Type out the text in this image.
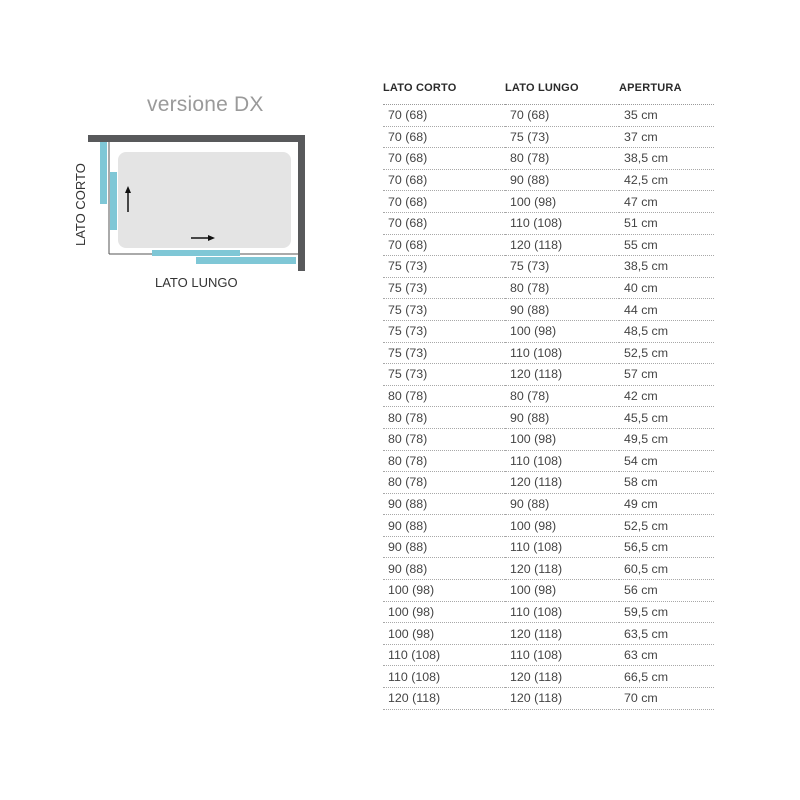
versione DX
LATO CORTO
LATO LUNGO
LATO CORTO	LATO LUNGO	APERTURA
70 (68)	70 (68)	35 cm
70 (68)	75 (73)	37 cm
70 (68)	80 (78)	38,5 cm
70 (68)	90 (88)	42,5 cm
70 (68)	100 (98)	47 cm
70 (68)	110 (108)	51 cm
70 (68)	120 (118)	55 cm
75 (73)	75 (73)	38,5 cm
75 (73)	80 (78)	40 cm
75 (73)	90 (88)	44 cm
75 (73)	100 (98)	48,5 cm
75 (73)	110 (108)	52,5 cm
75 (73)	120 (118)	57 cm
80 (78)	80 (78)	42 cm
80 (78)	90 (88)	45,5 cm
80 (78)	100 (98)	49,5 cm
80 (78)	110 (108)	54 cm
80 (78)	120 (118)	58 cm
90 (88)	90 (88)	49 cm
90 (88)	100 (98)	52,5 cm
90 (88)	110 (108)	56,5 cm
90 (88)	120 (118)	60,5 cm
100 (98)	100 (98)	56 cm
100 (98)	110 (108)	59,5 cm
100 (98)	120 (118)	63,5 cm
110 (108)	110 (108)	63 cm
110 (108)	120 (118)	66,5 cm
120 (118)	120 (118)	70 cm
